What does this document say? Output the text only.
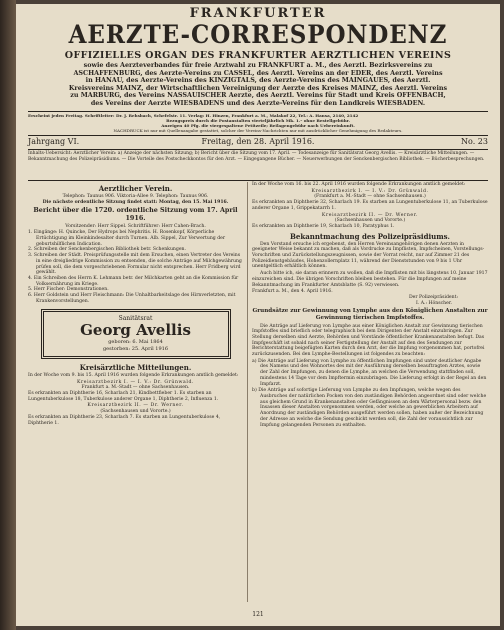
FRANKFURTER
AERZTE-CORRESPONDENZ
OFFIZIELLES ORGAN DES FRANKFURTER AERZTLICHEN VEREINS
sowie des Aerzteverbandes für freie Arztwahl zu FRANKFURT a. M., des Aerztl. Bezirksvereins zu
ASCHAFFENBURG, des Aerzte-Vereins zu CASSEL, des Aerztl. Vereins an der EDER, des Aerztl. Vereins
in HANAU, des Aerzte-Vereins des KINZIGTALS, des Aerzte-Vereins des MAINGAUES, des Aerztl.
Kreisvereins MAINZ, der Wirtschaftlichen Vereinigung der Aerzte des Kreises MAINZ, des Aerztl. Vereins
zu MARBURG, des Vereins NASSAUISCHER Aerzte, des Aerztl. Vereins für Stadt und Kreis OFFENBACH,
des Vereins der Aerzte WIESBADENS und des Aerzte-Vereins für den Landkreis WIESBADEN.
Erscheint jeden Freitag. Schriftleiter: Dr. J. Rehsbach, Schefelstr. 11. Verlag: H. Hinzen, Frankfurt a. M., Malakof 22, Tel.: A. Hansa, 2140, 2142
Bezugspreis durch die Postanstalten vierteljährlich Mk. 1.– ohne Bestellgebühr.
Anzeigen 40 Pfg. die viergespaltene Petitzeile; Beilagengebühr nach Uebereinkunft.
NACHDRUCK ist nur mit Quellenangabe gestattet, solcher der Vereins-Nachrichten nur mit ausdrücklicher Genehmigung des Redakteurs.
Jahrgang VI.	Freitag, den 28. April 1916.	No. 23
Inhalts-Uebersicht: Aerztlicher Verein: a) Anzeige der nächsten Sitzung; b) Bericht über die Sitzung vom 17. April. — Todesanzeige für Sanitätsrat Georg Avellis. — Kreisärztliche Mitteilungen. — Bekanntmachung des Polizeipräsidiums. — Die Vorteile des Postscheckkontos für den Arzt. — Eingegangene Bücher. — Neuerwerbungen der Senckenbergischen Bibliothek. — Bücherbesprechungen.
Aerztlicher Verein.
Telephon: Taunus 906. Viktoria-Allee 9. Telephon: Taunus 906.
Die nächste ordentliche Sitzung findet statt: Montag, den 15. Mai 1916.
Bericht über die 1720. ordentliche Sitzung vom 17. April 1916.
Vorsitzender: Herr Sippel. Schriftführer: Herr Cahen-Brach.
1. Eingänge: H. Quincke, Der Hydrops bei Nephritis. H. Rosenkopf, Körperliche Ertüchtigung im Kleinkindesalter durch Turnen. Alb. Sippel, Zur Verwertung der geburtshilflichen Indication.
2. Schreiben der Senckenbergischen Bibliothek betr. Schenkungen.
3. Schreiben der Städt. Preisprüfungsstelle mit dem Ersuchen, einen Vertreter des Vereins in eine dreigliedrige Kommission zu entsenden, die solche Anträge auf Milchgewährung prüfen soll, die dem vorgeschriebenen Formular nicht entsprechen. Herr Fridberg wird gewählt.
4. Ein Schreiben des Herrn K. Lehmann betr. der Milchkarten geht an die Kommission für Volksernährung im Kriege.
5. Herr Fischer: Demonstrationen.
6. Herr Goldstein und Herr Fleischmann: Die Unhaltbarkeitslage des Hirnverletzten, mit Krankenvorstellungen.
Sanitätsrat
Georg Avellis
geboren: 6. Mai 1864
gestorben: 25. April 1916
Kreisärztliche Mitteilungen.
In der Woche vom 9. bis 15. April 1916 wurden folgende Erkrankungen amtlich gemeldet:
Kreisarztbezirk I. — I. V.: Dr. Grünwald.
Frankfurt a. M.-Stadt — ohne Sachsenhausen.
Es erkrankten an Diphtherie 16, Scharlach 21, Kindbettfieber 1. Es starben an Lungentuberkulose 18, Tuberkulose anderer Organe 1, Diphtherie 2, Influenza 1.
Kreisarztbezirk II. — Dr. Werner.
(Sachsenhausen und Vororte.)
Es erkrankten an Diphtherie 23, Scharlach 7. Es starben an Lungentuberkulose 4, Diphtherie 1.
In der Woche vom 16. bis 22. April 1916 wurden folgende Erkrankungen amtlich gemeldet:
Kreisarztbezirk I. — I. V.: Dr. Grünwald.
(Frankfurt a. M.-Stadt — ohne Sachsenhausen.)
Es erkrankten an Diphtherie 32, Scharlach 19. Es starben an Lungentuberkulose 11, an Tuberkulose anderer Organe 1, Grippekatarrh 1.
Kreisarztbezirk II. — Dr. Werner.
(Sachsenhausen und Vororte.)
Es erkrankten an Diphtherie 19, Scharlach 10, Paratyphus 1.
Bekanntmachung des Polizeipräsidiums.
Den Vorstand ersuche ich ergebenst, den Herren Vereinsangehörigen denen Aerzten in geeigneter Weise bekannt zu machen, daß als Vordrucke zu Impflisten, Impfscheinen, Vorstellungs-Vorschriften und Zurückstellungszeugnissen, sowie der Vorrat reicht, nur auf Zimmer 21 des Polizeidienstgebäudes, Hohenzollernplatz 11, während der Dienststunden von 9 bis 1 Uhr unentgeltlich erhältlich können.
Auch bitte ich, sie daran erinnern zu wollen, daß die Impflisten mit bis längstens 10. Januar 1917 einzureichen sind. Die übrigen Vorschriften bleiben bestehen. Für die Impfungen auf meine Bekanntmachung im Frankfurter Amtsblatte (S. 92) verwiesen.
Frankfurt a. M., den 4. April 1916.
Der Polizeipräsident:
I. A.: Hönscher.
Grundsätze zur Gewinnung von Lymphe aus den Königlichen Anstalten zur Gewinnung tierischen Impfstoffes.
Die Anträge auf Lieferung von Lymphe aus einer Königlichen Anstalt zur Gewinnung tierischen Impfstoffes sind brieflich oder telegraphisch bei dem Dirigenten der Anstalt einzubringen. Zur Stellung derselben sind Aerzte, Behörden und Vorstände öffentlicher Krankenanstalten befugt. Das Impfgeschäft ist sobald nach seiner Fertigstellung der Anstalt auf den des Sendungen zur Berichterstattung beigefügten Karten durch den Arzt, der die Impfung vorgenommen hat, portofrei zurückzusenden. Bei den Lymphe-Bestellungen ist folgendes zu beachten:
a) Die Anträge auf Lieferung von Lymphe zu öffentlichen Impfungen sind unter deutlicher Angabe des Namens und des Wohnortes des mit der Ausführung derselben beauftragten Arztes, sowie der Zahl der Impfungen, zu denen die Lymphe, an welchen die Verwendung stattfinden soll, mindestens 14 Tage vor dem Impftermin einzubringen. Die Lieferung erfolgt in der Regel an den Impfarzt.
b) Die Anträge auf sofortige Lieferung von Lymphe zu den Impfungen, welche wegen des Ausbruches der natürlichen Pocken von den zuständigen Behörden angeordnet sind oder welche aus gleichem Grund in Krankenanstalten oder Gefängnissen an dem Wärterpersonal bezw. den Insassen dieser Anstalten vorgenommen werden, oder welche an gewerblichen Arbeitern auf Anordnung der zuständigen Behörden ausgeführt werden sollen, haben außer der Bezeichnung der Adresse an welche die Sendung geschickt werden soll, die Zahl der voraussichtlich zur Impfung gelangenden Personen zu enthalten.
121
